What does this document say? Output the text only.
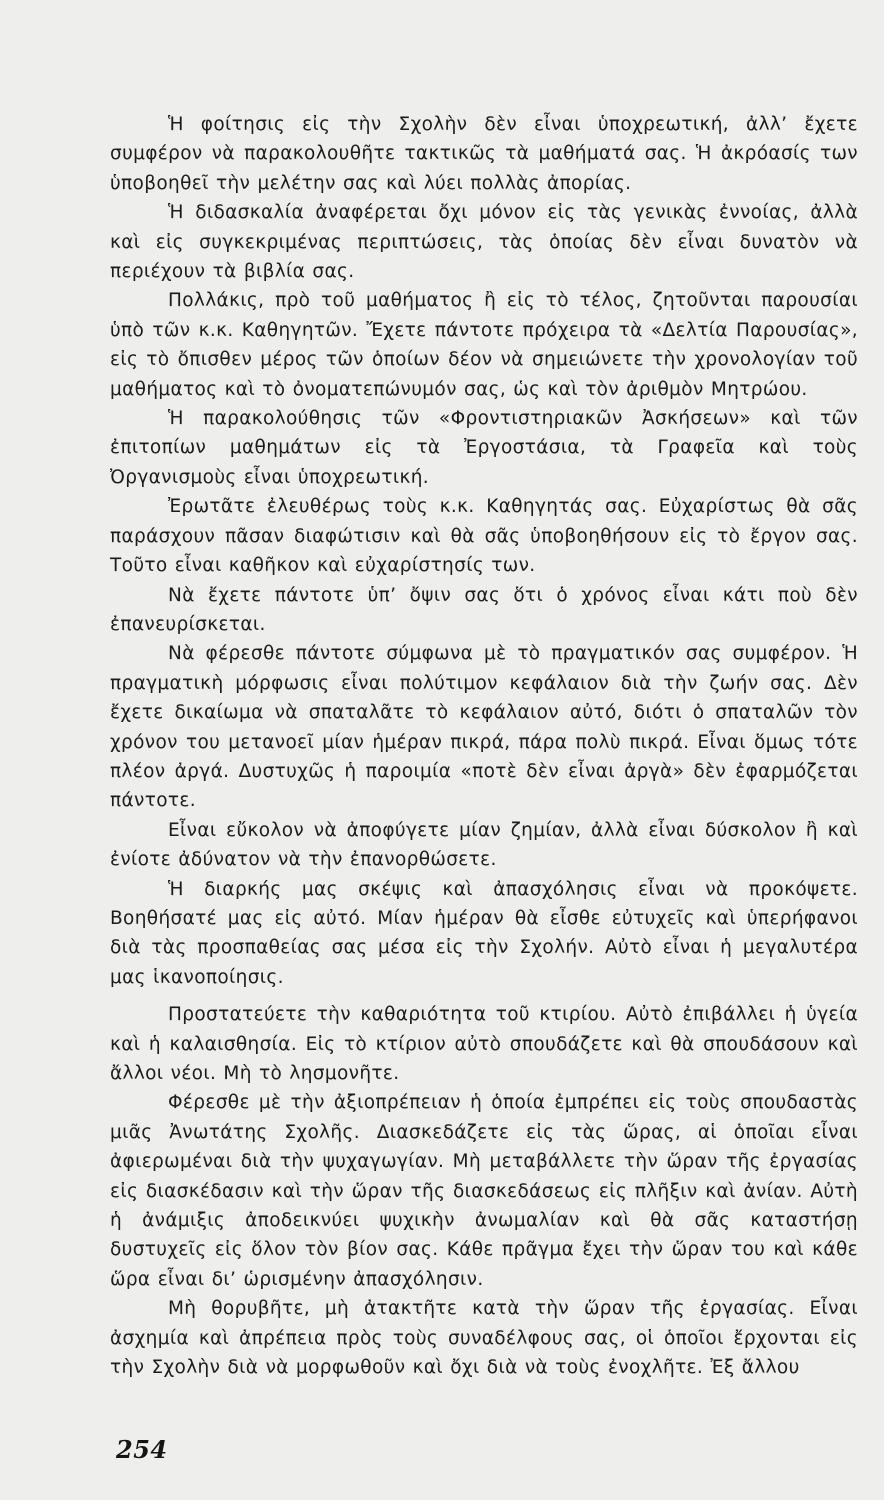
Ἡ φοίτησις εἰς τὴν Σχολὴν δὲν εἶναι ὑποχρεωτική, ἀλλ’ ἔχετε συμφέρον νὰ παρακολουθῆτε τακτικῶς τὰ μαθήματά σας. Ἡ ἀκρόασίς των ὑποβοηθεῖ τὴν μελέτην σας καὶ λύει πολλὰς ἀπορίας.

Ἡ διδασκαλία ἀναφέρεται ὄχι μόνον εἰς τὰς γενικὰς ἐννοίας, ἀλλὰ καὶ εἰς συγκεκριμένας περιπτώσεις, τὰς ὁποίας δὲν εἶναι δυνατὸν νὰ περιέχουν τὰ βιβλία σας.

Πολλάκις, πρὸ τοῦ μαθήματος ἢ εἰς τὸ τέλος, ζητοῦνται παρουσίαι ὑπὸ τῶν κ.κ. Καθηγητῶν. Ἔχετε πάντοτε πρόχειρα τὰ «Δελτία Παρουσίας», εἰς τὸ ὄπισθεν μέρος τῶν ὁποίων δέον νὰ σημειώνετε τὴν χρονολογίαν τοῦ μαθήματος καὶ τὸ ὀνοματεπώνυμόν σας, ὡς καὶ τὸν ἀριθμὸν Μητρώου.

Ἡ παρακολούθησις τῶν «Φροντιστηριακῶν Ἀσκήσεων» καὶ τῶν ἐπιτοπίων μαθημάτων εἰς τὰ Ἐργοστάσια, τὰ Γραφεῖα καὶ τοὺς Ὀργανισμοὺς εἶναι ὑποχρεωτική.

Ἐρωτᾶτε ἐλευθέρως τοὺς κ.κ. Καθηγητάς σας. Εὐχαρίστως θὰ σᾶς παράσχουν πᾶσαν διαφώτισιν καὶ θὰ σᾶς ὑποβοηθήσουν εἰς τὸ ἔργον σας. Τοῦτο εἶναι καθῆκον καὶ εὐχαρίστησίς των.

Νὰ ἔχετε πάντοτε ὑπ’ ὄψιν σας ὅτι ὁ χρόνος εἶναι κάτι ποὺ δὲν ἐπανευρίσκεται.

Νὰ φέρεσθε πάντοτε σύμφωνα μὲ τὸ πραγματικόν σας συμφέρον. Ἡ πραγματικὴ μόρφωσις εἶναι πολύτιμον κεφάλαιον διὰ τὴν ζωήν σας. Δὲν ἔχετε δικαίωμα νὰ σπαταλᾶτε τὸ κεφάλαιον αὐτό, διότι ὁ σπαταλῶν τὸν χρόνον του μετανοεῖ μίαν ἡμέραν πικρά, πάρα πολὺ πικρά. Εἶναι ὅμως τότε πλέον ἀργά. Δυστυχῶς ἡ παροιμία «ποτὲ δὲν εἶναι ἀργὰ» δὲν ἐφαρμόζεται πάντοτε.

Εἶναι εὔκολον νὰ ἀποφύγετε μίαν ζημίαν, ἀλλὰ εἶναι δύσκολον ἢ καὶ ἐνίοτε ἀδύνατον νὰ τὴν ἐπανορθώσετε.

Ἡ διαρκής μας σκέψις καὶ ἀπασχόλησις εἶναι νὰ προκόψετε. Βοηθήσατέ μας εἰς αὐτό. Μίαν ἡμέραν θὰ εἶσθε εὐτυχεῖς καὶ ὑπερήφανοι διὰ τὰς προσπαθείας σας μέσα εἰς τὴν Σχολήν. Αὐτὸ εἶναι ἡ μεγαλυτέρα μας ἱκανοποίησις.

Προστατεύετε τὴν καθαριότητα τοῦ κτιρίου. Αὐτὸ ἐπιβάλλει ἡ ὑγεία καὶ ἡ καλαισθησία. Εἰς τὸ κτίριον αὐτὸ σπουδάζετε καὶ θὰ σπουδάσουν καὶ ἄλλοι νέοι. Μὴ τὸ λησμονῆτε.

Φέρεσθε μὲ τὴν ἀξιοπρέπειαν ἡ ὁποία ἐμπρέπει εἰς τοὺς σπουδαστὰς μιᾶς Ἀνωτάτης Σχολῆς. Διασκεδάζετε εἰς τὰς ὥρας, αἱ ὁποῖαι εἶναι ἀφιερωμέναι διὰ τὴν ψυχαγωγίαν. Μὴ μεταβάλλετε τὴν ὥραν τῆς ἐργασίας εἰς διασκέδασιν καὶ τὴν ὥραν τῆς διασκεδάσεως εἰς πλῆξιν καὶ ἀνίαν. Αὐτὴ ἡ ἀνάμιξις ἀποδεικνύει ψυχικὴν ἀνωμαλίαν καὶ θὰ σᾶς καταστήσῃ δυστυχεῖς εἰς ὅλον τὸν βίον σας. Κάθε πρᾶγμα ἔχει τὴν ὥραν του καὶ κάθε ὥρα εἶναι δι’ ὡρισμένην ἀπασχόλησιν.

Μὴ θορυβῆτε, μὴ ἀτακτῆτε κατὰ τὴν ὥραν τῆς ἐργασίας. Εἶναι ἀσχημία καὶ ἀπρέπεια πρὸς τοὺς συναδέλφους σας, οἱ ὁποῖοι ἔρχονται εἰς τὴν Σχολὴν διὰ νὰ μορφωθοῦν καὶ ὄχι διὰ νὰ τοὺς ἐνοχλῆτε. Ἐξ ἄλλου

254
